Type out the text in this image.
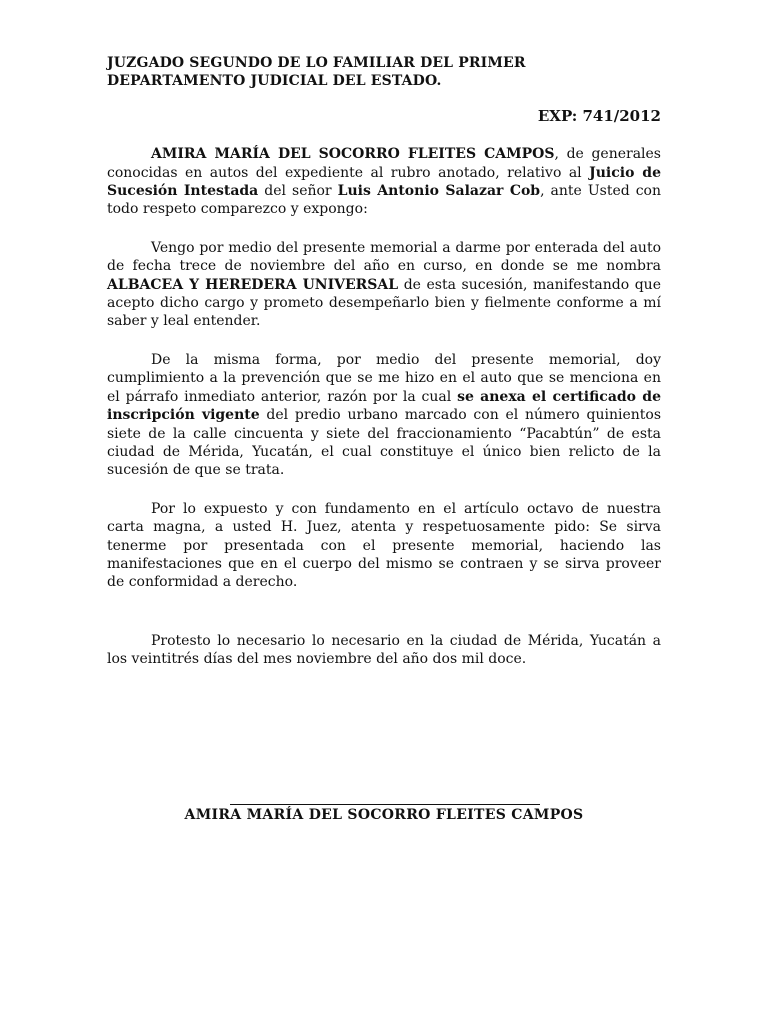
JUZGADO SEGUNDO DE LO FAMILIAR DEL PRIMER DEPARTAMENTO JUDICIAL DEL ESTADO.

EXP: 741/2012

AMIRA MARÍA DEL SOCORRO FLEITES CAMPOS, de generales conocidas en autos del expediente al rubro anotado, relativo al Juicio de Sucesión Intestada del señor Luis Antonio Salazar Cob, ante Usted con todo respeto comparezco y expongo:

Vengo por medio del presente memorial a darme por enterada del auto de fecha trece de noviembre del año en curso, en donde se me nombra ALBACEA Y HEREDERA UNIVERSAL de esta sucesión, manifestando que acepto dicho cargo y prometo desempeñarlo bien y fielmente conforme a mí saber y leal entender.

De la misma forma, por medio del presente memorial, doy cumplimiento a la prevención que se me hizo en el auto que se menciona en el párrafo inmediato anterior, razón por la cual se anexa el certificado de inscripción vigente del predio urbano marcado con el número quinientos siete de la calle cincuenta y siete del fraccionamiento “Pacabtún” de esta ciudad de Mérida, Yucatán, el cual constituye el único bien relicto de la sucesión de que se trata.

Por lo expuesto y con fundamento en el artículo octavo de nuestra carta magna, a usted H. Juez, atenta y respetuosamente pido: Se sirva tenerme por presentada con el presente memorial, haciendo las manifestaciones que en el cuerpo del mismo se contraen y se sirva proveer de conformidad a derecho.

Protesto lo necesario lo necesario en la ciudad de Mérida, Yucatán a los veintitrés días del mes noviembre del año dos mil doce.

AMIRA MARÍA DEL SOCORRO FLEITES CAMPOS
